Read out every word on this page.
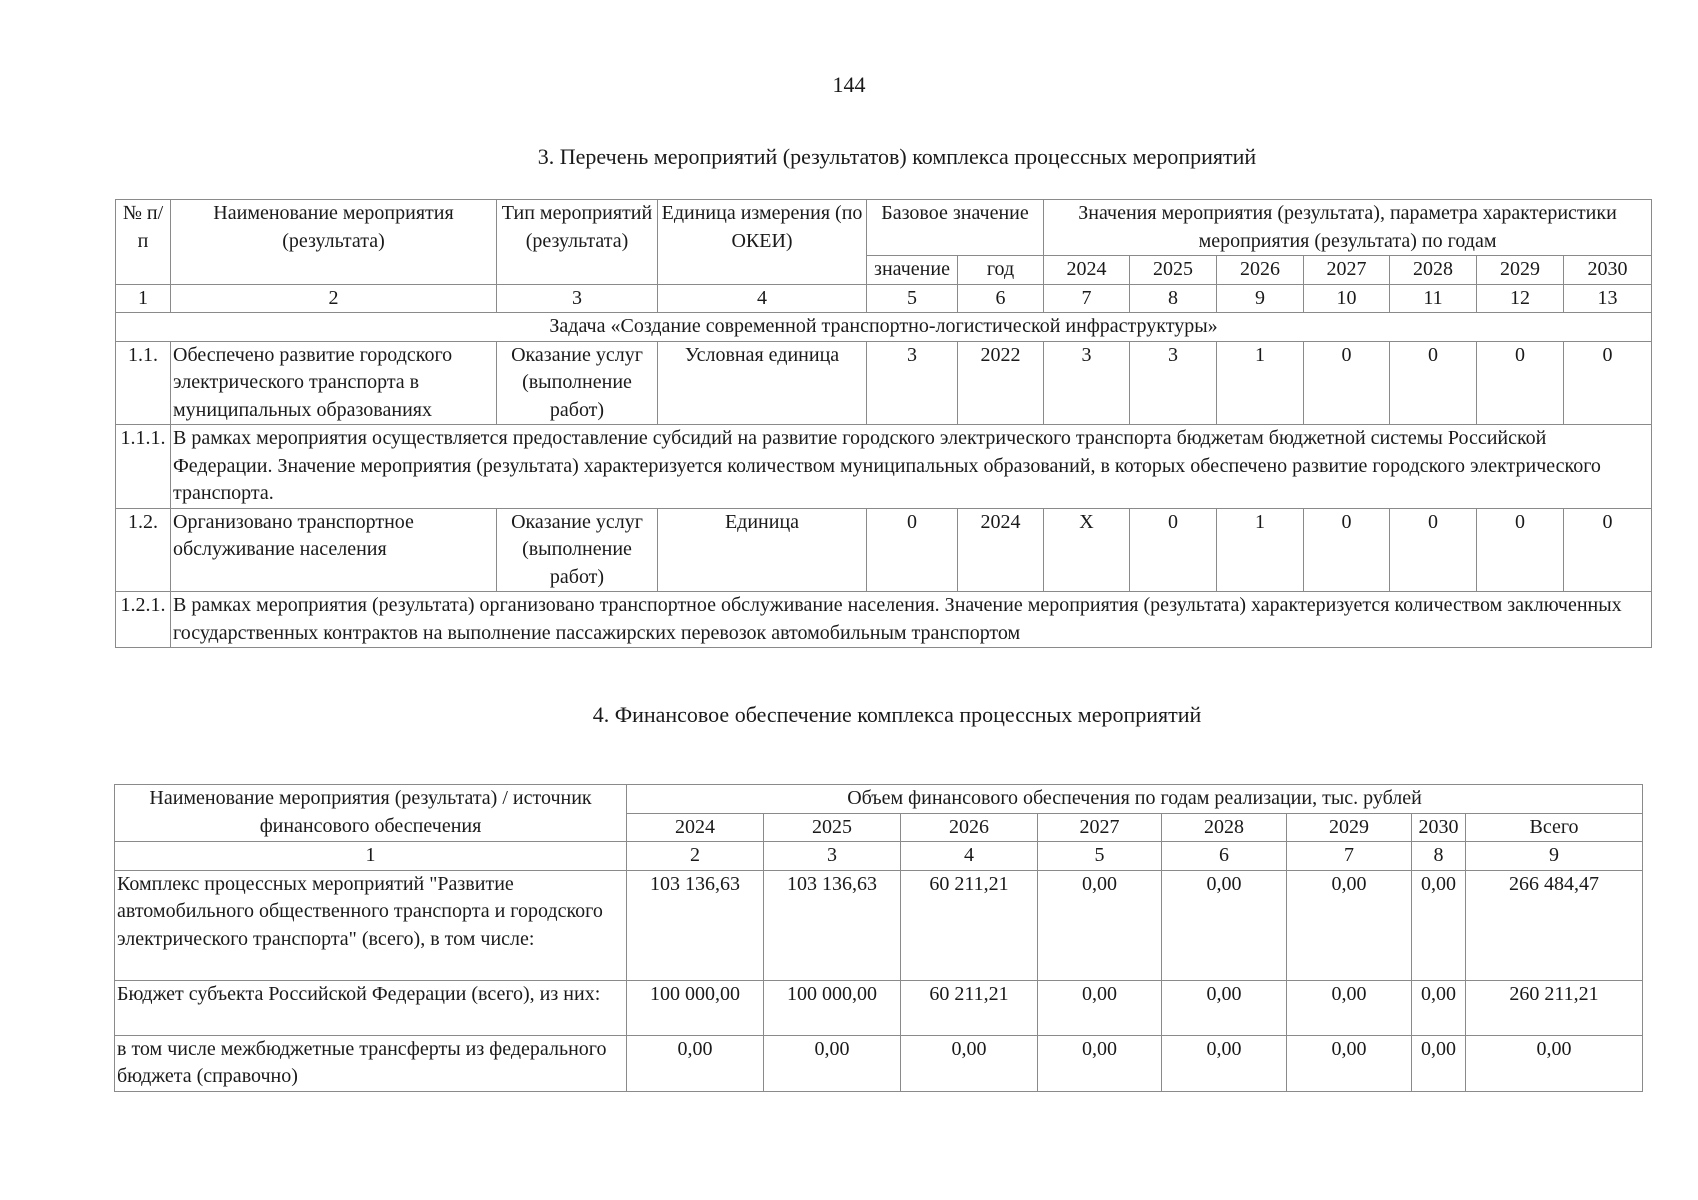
144
3. Перечень мероприятий (результатов) комплекса процессных мероприятий
№ п/п	Наименование мероприятия (результата)	Тип мероприятий (результата)	Единица измерения (по ОКЕИ)	Базовое значение		Значения мероприятия (результата), параметра характеристики мероприятия (результата) по годам						
				значение	год	2024	2025	2026	2027	2028	2029	2030
1	2	3	4	5	6	7	8	9	10	11	12	13
Задача «Создание современной транспортно-логистической инфраструктуры»												
1.1.	Обеспечено развитие городского электрического транспорта в муниципальных образованиях	Оказание услуг (выполнение работ)	Условная единица	3	2022	3	3	1	0	0	0	0
1.1.1.	В рамках мероприятия осуществляется предоставление субсидий на развитие городского электрического транспорта бюджетам бюджетной системы Российской Федерации. Значение мероприятия (результата) характеризуется количеством муниципальных образований, в которых обеспечено развитие городского электрического транспорта.											
1.2.	Организовано транспортное обслуживание населения	Оказание услуг (выполнение работ)	Единица	0	2024	X	0	1	0	0	0	0
1.2.1.	В рамках мероприятия (результата) организовано транспортное обслуживание населения. Значение мероприятия (результата) характеризуется количеством заключенных государственных контрактов на выполнение пассажирских перевозок автомобильным транспортом											
4. Финансовое обеспечение комплекса процессных мероприятий
Наименование мероприятия (результата) / источник финансового обеспечения	Объем финансового обеспечения по годам реализации, тыс. рублей							
	2024	2025	2026	2027	2028	2029	2030	Всего
1	2	3	4	5	6	7	8	9
Комплекс процессных мероприятий "Развитие автомобильного общественного транспорта и городского электрического транспорта" (всего), в том числе:	103 136,63	103 136,63	60 211,21	0,00	0,00	0,00	0,00	266 484,47
Бюджет субъекта Российской Федерации (всего), из них:	100 000,00	100 000,00	60 211,21	0,00	0,00	0,00	0,00	260 211,21
в том числе межбюджетные трансферты из федерального бюджета (справочно)	0,00	0,00	0,00	0,00	0,00	0,00	0,00	0,00
